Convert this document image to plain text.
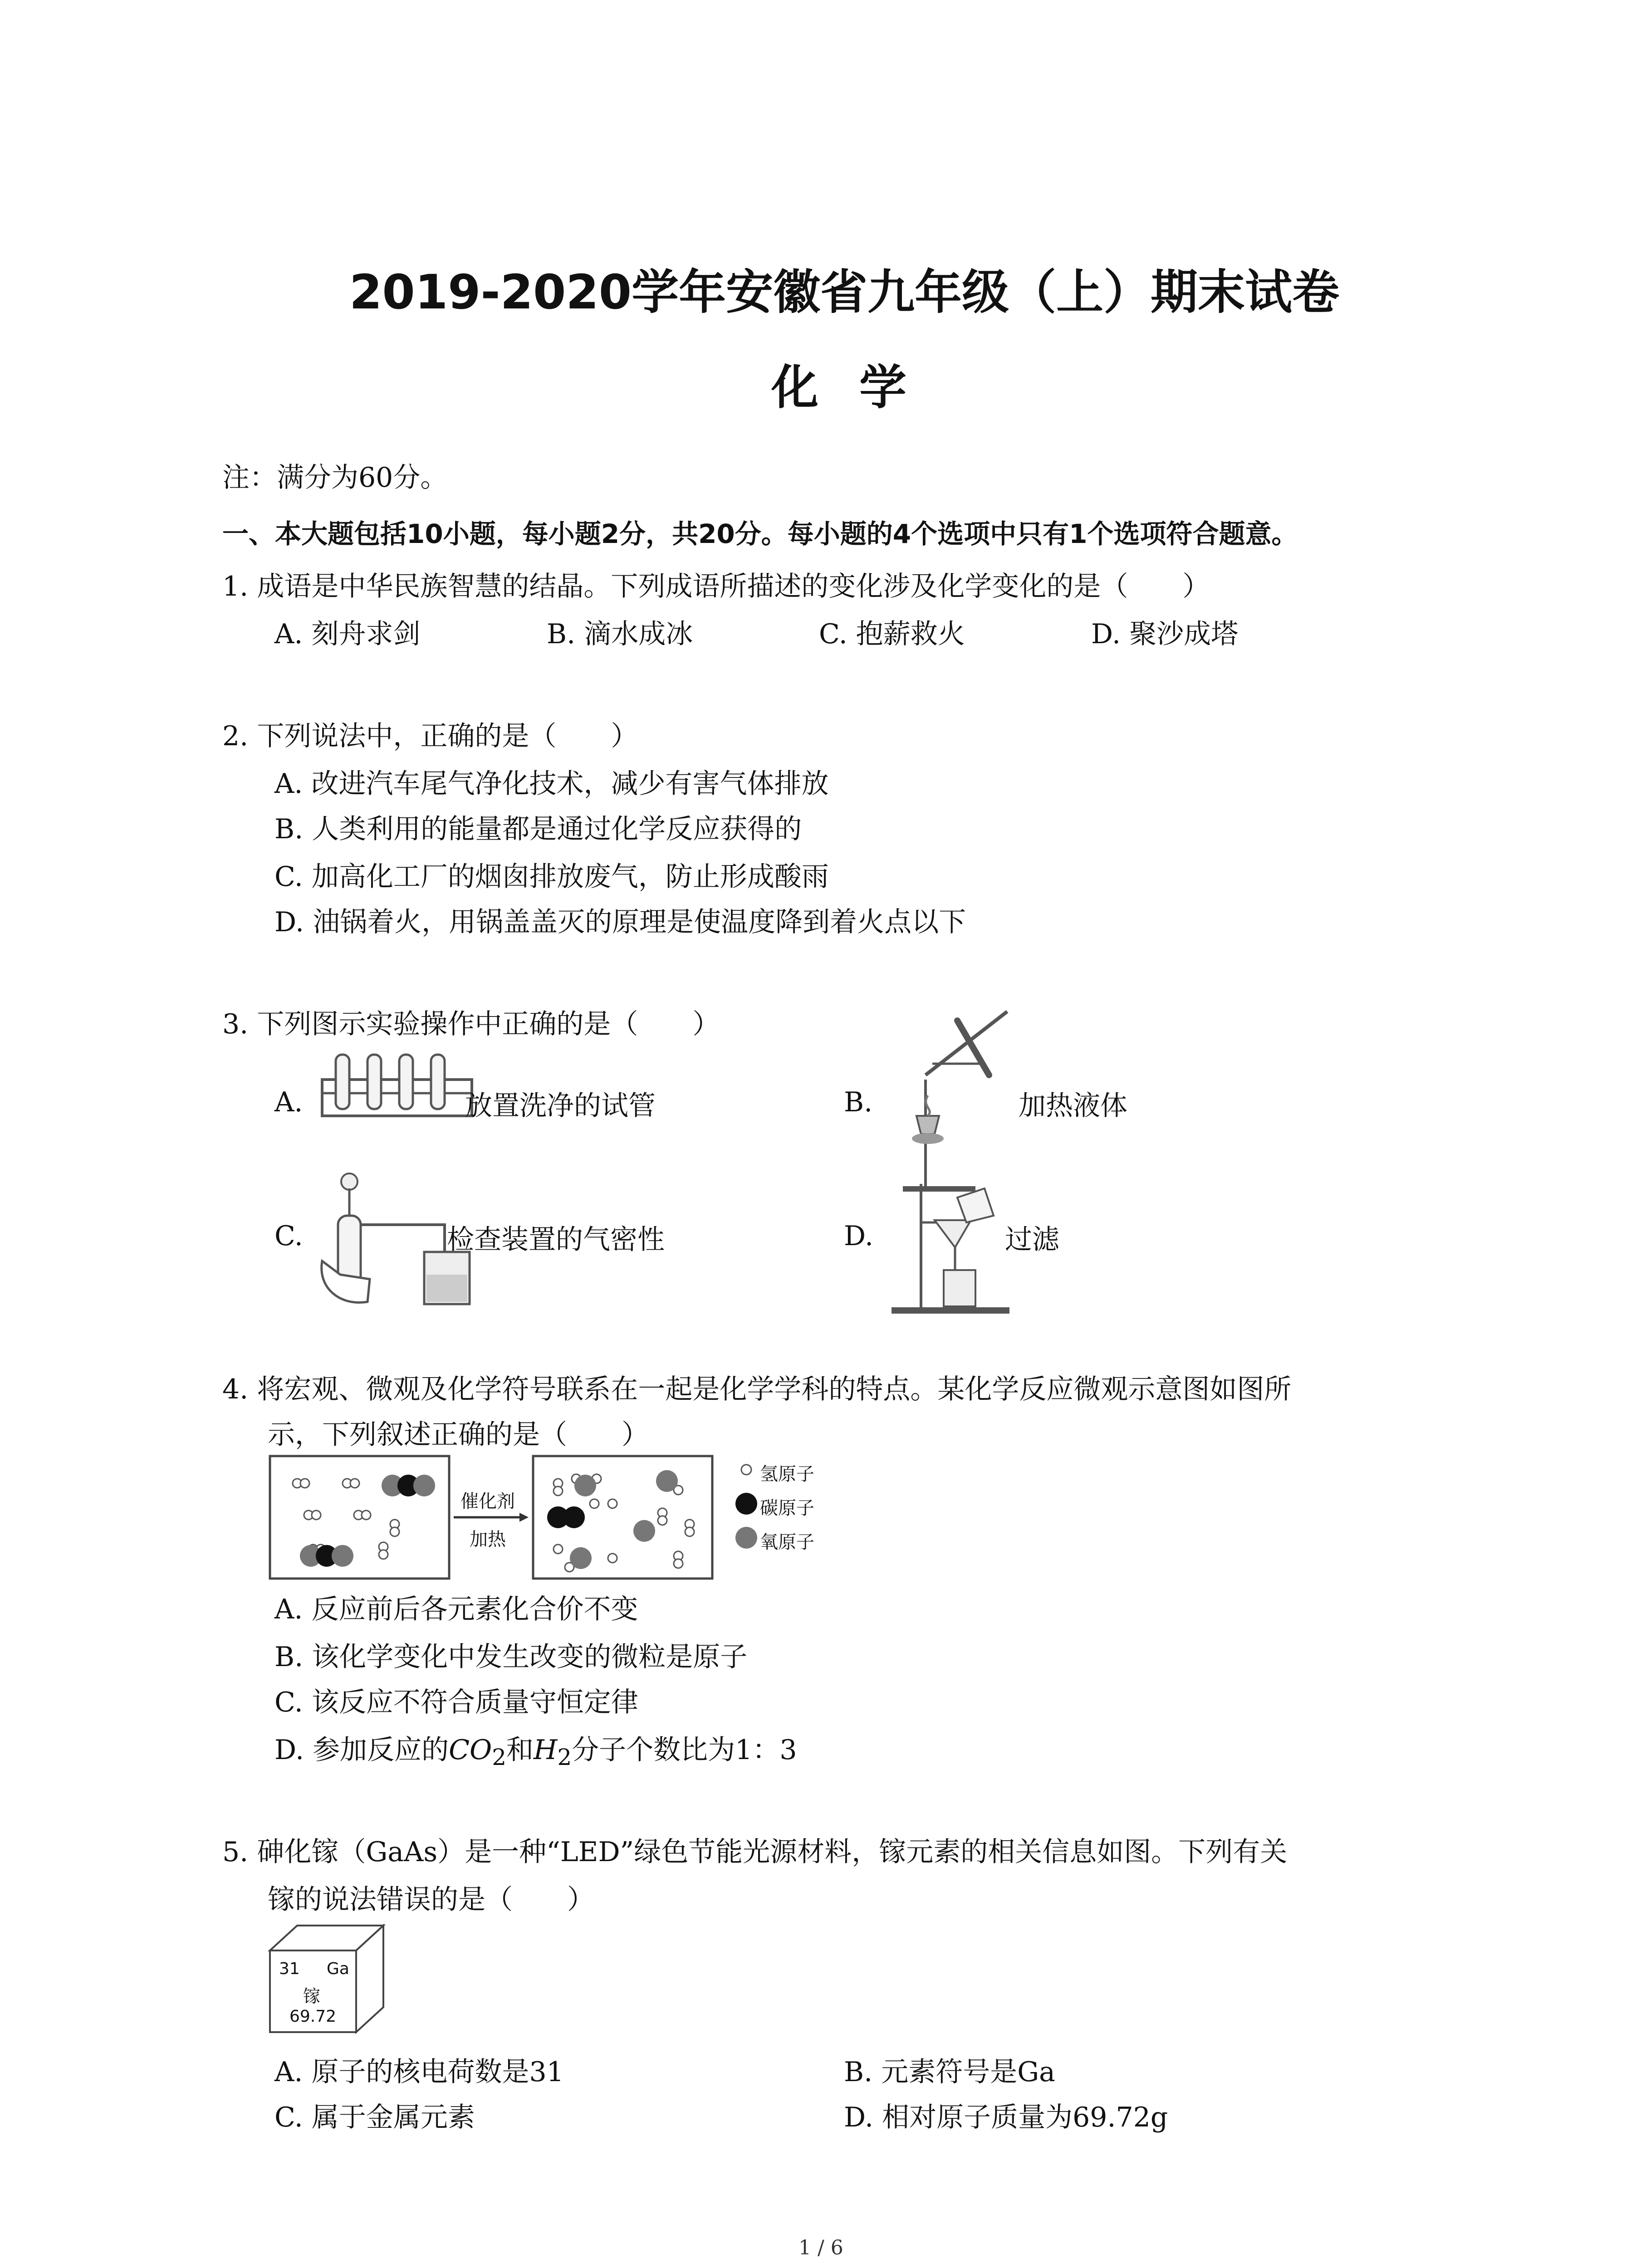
2019-2020学年安徽省九年级（上）期末试卷
化学
注：满分为60分。
一、本大题包括10小题，每小题2分，共20分。每小题的4个选项中只有1个选项符合题意。
1. 成语是中华民族智慧的结晶。下列成语所描述的变化涉及化学变化的是（　　）
A. 刻舟求剑	B. 滴水成冰	C. 抱薪救火	D. 聚沙成塔
2. 下列说法中，正确的是（　　）
A. 改进汽车尾气净化技术，减少有害气体排放
B. 人类利用的能量都是通过化学反应获得的
C. 加高化工厂的烟囱排放废气，防止形成酸雨
D. 油锅着火，用锅盖盖灭的原理是使温度降到着火点以下
3. 下列图示实验操作中正确的是（　　）
A.	放置洗净的试管	B.	加热液体
C.	检查装置的气密性	D.	过滤
4. 将宏观、微观及化学符号联系在一起是化学学科的特点。某化学反应微观示意图如图所
示，下列叙述正确的是（　　）
催化剂
加热
氢原子
碳原子
氧原子
A. 反应前后各元素化合价不变
B. 该化学变化中发生改变的微粒是原子
C. 该反应不符合质量守恒定律
D. 参加反应的$CO_2$和$H_2$分子个数比为1：3
5. 砷化镓（GaAs）是一种“LED”绿色节能光源材料，镓元素的相关信息如图。下列有关
镓的说法错误的是（　　）
31 Ga
镓
69.72
A. 原子的核电荷数是31	B. 元素符号是Ga
C. 属于金属元素	D. 相对原子质量为69.72g
1 / 6
